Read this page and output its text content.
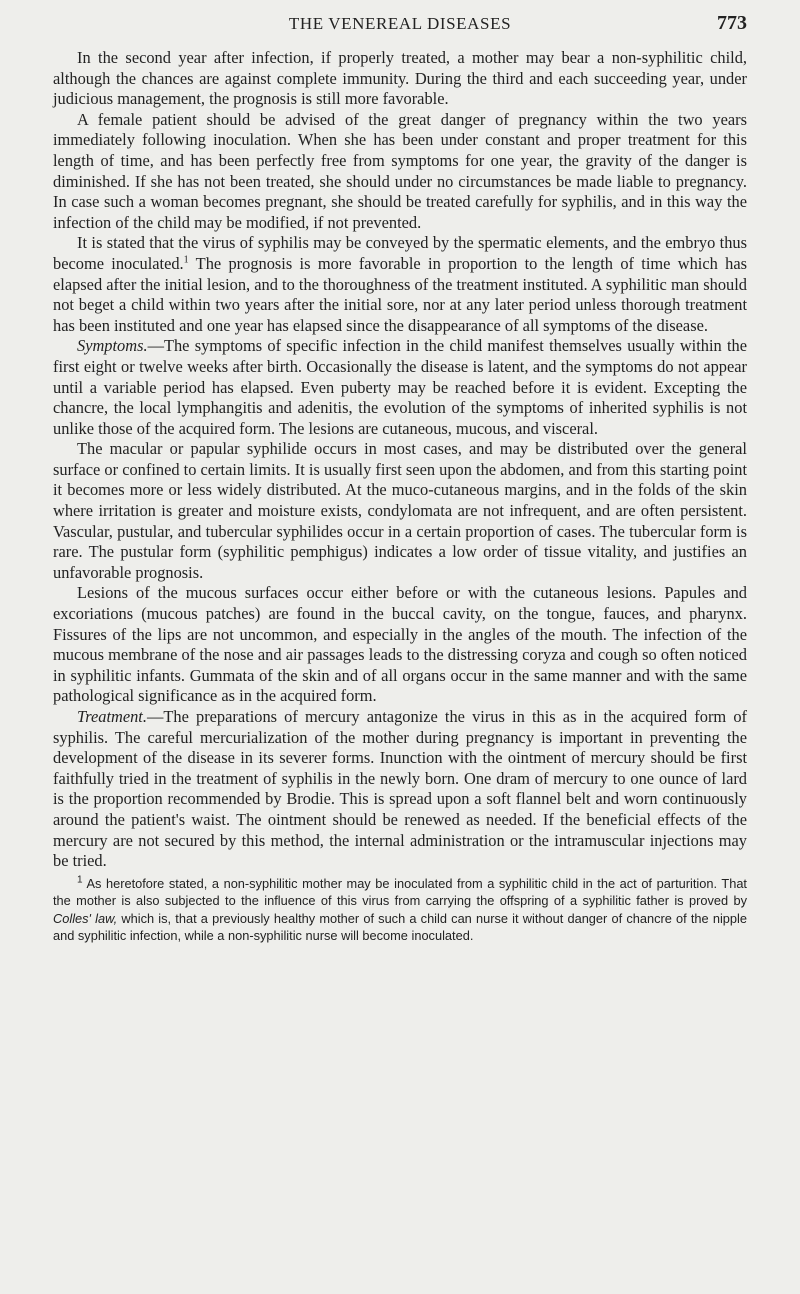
THE VENEREAL DISEASES	773

In the second year after infection, if properly treated, a mother may bear a non-syphilitic child, although the chances are against complete immunity. During the third and each succeeding year, under judicious management, the prognosis is still more favorable.

A female patient should be advised of the great danger of pregnancy within the two years immediately following inoculation. When she has been under constant and proper treatment for this length of time, and has been perfectly free from symptoms for one year, the gravity of the danger is diminished. If she has not been treated, she should under no circumstances be made liable to pregnancy. In case such a woman becomes pregnant, she should be treated carefully for syphilis, and in this way the infection of the child may be modified, if not prevented.

It is stated that the virus of syphilis may be conveyed by the spermatic elements, and the embryo thus become inoculated.$^1$ The prognosis is more favorable in proportion to the length of time which has elapsed after the initial lesion, and to the thoroughness of the treatment instituted. A syphilitic man should not beget a child within two years after the initial sore, nor at any later period unless thorough treatment has been instituted and one year has elapsed since the disappearance of all symptoms of the disease.

Symptoms.—The symptoms of specific infection in the child manifest themselves usually within the first eight or twelve weeks after birth. Occasionally the disease is latent, and the symptoms do not appear until a variable period has elapsed. Even puberty may be reached before it is evident. Excepting the chancre, the local lymphangitis and adenitis, the evolution of the symptoms of inherited syphilis is not unlike those of the acquired form. The lesions are cutaneous, mucous, and visceral.

The macular or papular syphilide occurs in most cases, and may be distributed over the general surface or confined to certain limits. It is usually first seen upon the abdomen, and from this starting point it becomes more or less widely distributed. At the muco-cutaneous margins, and in the folds of the skin where irritation is greater and moisture exists, condylomata are not infrequent, and are often persistent. Vascular, pustular, and tubercular syphilides occur in a certain proportion of cases. The tubercular form is rare. The pustular form (syphilitic pemphigus) indicates a low order of tissue vitality, and justifies an unfavorable prognosis.

Lesions of the mucous surfaces occur either before or with the cutaneous lesions. Papules and excoriations (mucous patches) are found in the buccal cavity, on the tongue, fauces, and pharynx. Fissures of the lips are not uncommon, and especially in the angles of the mouth. The infection of the mucous membrane of the nose and air passages leads to the distressing coryza and cough so often noticed in syphilitic infants. Gummata of the skin and of all organs occur in the same manner and with the same pathological significance as in the acquired form.

Treatment.—The preparations of mercury antagonize the virus in this as in the acquired form of syphilis. The careful mercurialization of the mother during pregnancy is important in preventing the development of the disease in its severer forms. Inunction with the ointment of mercury should be first faithfully tried in the treatment of syphilis in the newly born. One dram of mercury to one ounce of lard is the proportion recommended by Brodie. This is spread upon a soft flannel belt and worn continuously around the patient's waist. The ointment should be renewed as needed. If the beneficial effects of the mercury are not secured by this method, the internal administration or the intramuscular injections may be tried.

$^1$ As heretofore stated, a non-syphilitic mother may be inoculated from a syphilitic child in the act of parturition. That the mother is also subjected to the influence of this virus from carrying the offspring of a syphilitic father is proved by Colles' law, which is, that a previously healthy mother of such a child can nurse it without danger of chancre of the nipple and syphilitic infection, while a non-syphilitic nurse will become inoculated.
